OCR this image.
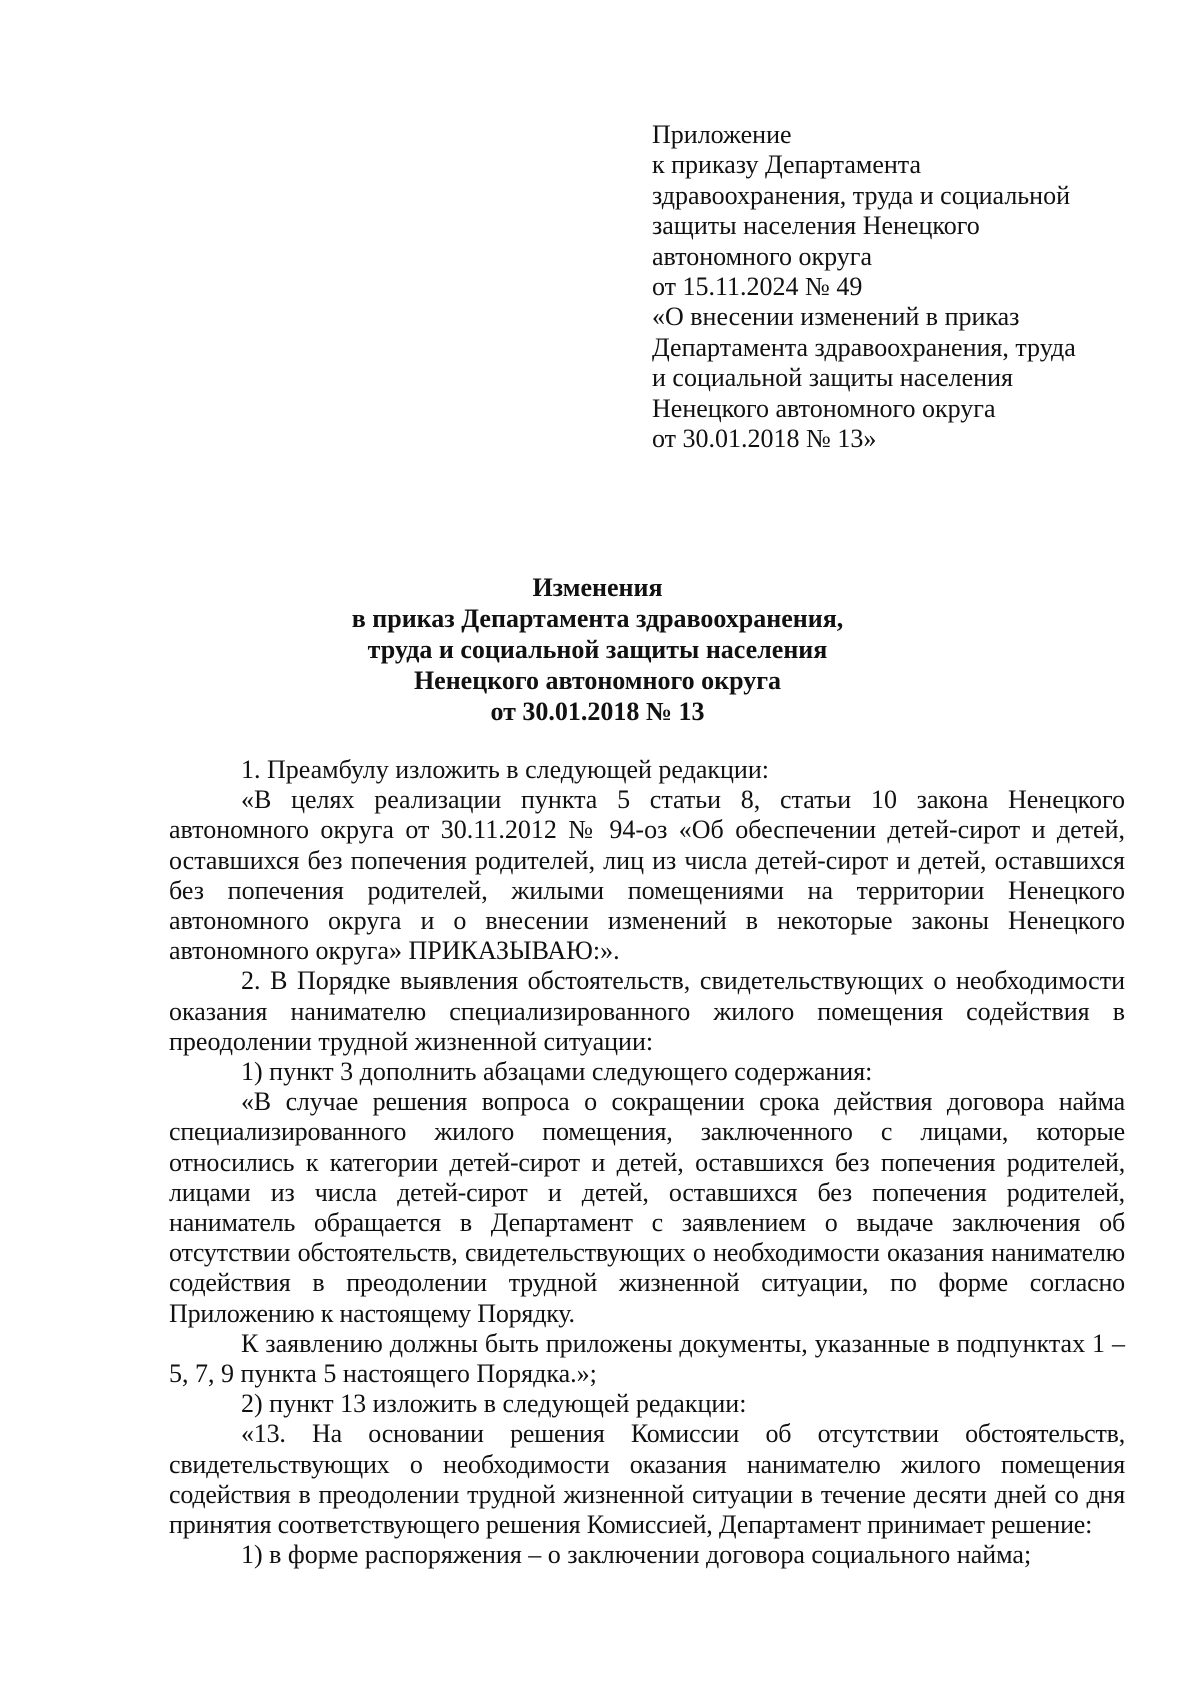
Приложение
к приказу Департамента
здравоохранения, труда и социальной
защиты населения Ненецкого
автономного округа
от 15.11.2024 № 49
«О внесении изменений в приказ
Департамента здравоохранения, труда
и социальной защиты населения
Ненецкого автономного округа
от 30.01.2018 № 13»
Изменения
в приказ Департамента здравоохранения,
труда и социальной защиты населения
Ненецкого автономного округа
от 30.01.2018 № 13

1. Преамбулу изложить в следующей редакции:

«В целях реализации пункта 5 статьи 8, статьи 10 закона Ненецкого автономного округа от 30.11.2012 № 94-оз «Об обеспечении детей-сирот и детей, оставшихся без попечения родителей, лиц из числа детей-сирот и детей, оставшихся без попечения родителей, жилыми помещениями на территории Ненецкого автономного округа и о внесении изменений в некоторые законы Ненецкого автономного округа» ПРИКАЗЫВАЮ:».

2. В Порядке выявления обстоятельств, свидетельствующих о необходимости оказания нанимателю специализированного жилого помещения содействия в преодолении трудной жизненной ситуации:

1) пункт 3 дополнить абзацами следующего содержания:

«В случае решения вопроса о сокращении срока действия договора найма специализированного жилого помещения, заключенного с лицами, которые относились к категории детей-сирот и детей, оставшихся без попечения родителей, лицами из числа детей-сирот и детей, оставшихся без попечения родителей, наниматель обращается в Департамент с заявлением о выдаче заключения об отсутствии обстоятельств, свидетельствующих о необходимости оказания нанимателю содействия в преодолении трудной жизненной ситуации, по форме согласно Приложению к настоящему Порядку.

К заявлению должны быть приложены документы, указанные в подпунктах 1 – 5, 7, 9 пункта 5 настоящего Порядка.»;

2) пункт 13 изложить в следующей редакции:

«13. На основании решения Комиссии об отсутствии обстоятельств, свидетельствующих о необходимости оказания нанимателю жилого помещения содействия в преодолении трудной жизненной ситуации в течение десяти дней со дня принятия соответствующего решения Комиссией, Департамент принимает решение:

1) в форме распоряжения – о заключении договора социального найма;
